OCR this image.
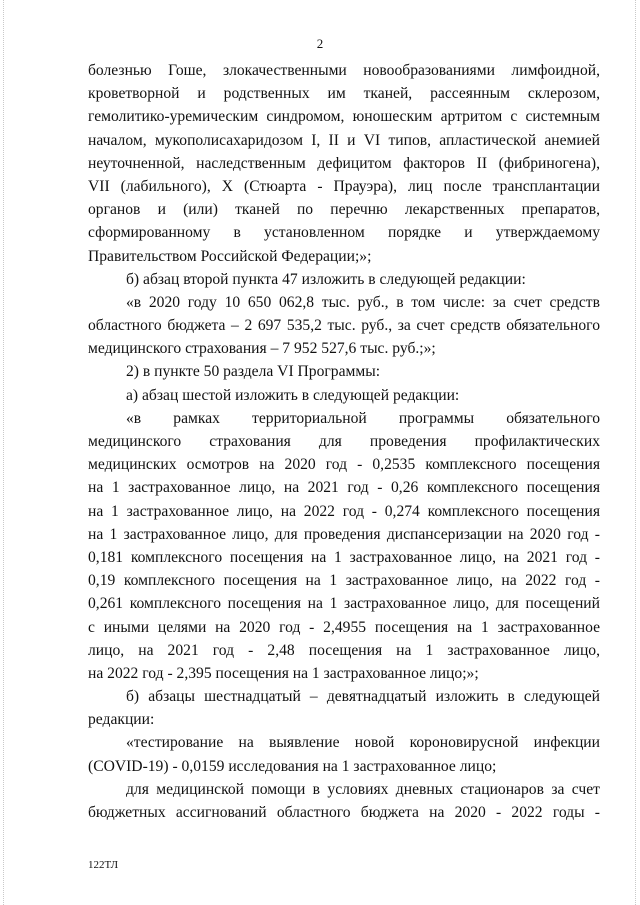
2
болезнью Гоше, злокачественными новообразованиями лимфоидной,
кроветворной и родственных им тканей, рассеянным склерозом,
гемолитико-уремическим синдромом, юношеским артритом с системным
началом, мукополисахаридозом I, II и VI типов, апластической анемией
неуточненной, наследственным дефицитом факторов II (фибриногена),
VII (лабильного), X (Стюарта - Прауэра), лиц после трансплантации
органов и (или) тканей по перечню лекарственных препаратов,
сформированному в установленном порядке и утверждаемому
Правительством Российской Федерации;»;
б) абзац второй пункта 47 изложить в следующей редакции:
«в 2020 году 10 650 062,8 тыс. руб., в том числе: за счет средств
областного бюджета – 2 697 535,2 тыс. руб., за счет средств обязательного
медицинского страхования – 7 952 527,6 тыс. руб.;»;
2) в пункте 50 раздела VI Программы:
а) абзац шестой изложить в следующей редакции:
«в рамках территориальной программы обязательного
медицинского страхования для проведения профилактических
медицинских осмотров на 2020 год - 0,2535 комплексного посещения
на 1 застрахованное лицо, на 2021 год - 0,26 комплексного посещения
на 1 застрахованное лицо, на 2022 год - 0,274 комплексного посещения
на 1 застрахованное лицо, для проведения диспансеризации на 2020 год -
0,181 комплексного посещения на 1 застрахованное лицо, на 2021 год -
0,19 комплексного посещения на 1 застрахованное лицо, на 2022 год -
0,261 комплексного посещения на 1 застрахованное лицо, для посещений
с иными целями на 2020 год - 2,4955 посещения на 1 застрахованное
лицо, на 2021 год - 2,48 посещения на 1 застрахованное лицо,
на 2022 год - 2,395 посещения на 1 застрахованное лицо;»;
б) абзацы шестнадцатый – девятнадцатый изложить в следующей
редакции:
«тестирование на выявление новой короновирусной инфекции
(COVID-19) - 0,0159 исследования на 1 застрахованное лицо;
для медицинской помощи в условиях дневных стационаров за счет
бюджетных ассигнований областного бюджета на 2020 - 2022 годы -
122ТЛ
